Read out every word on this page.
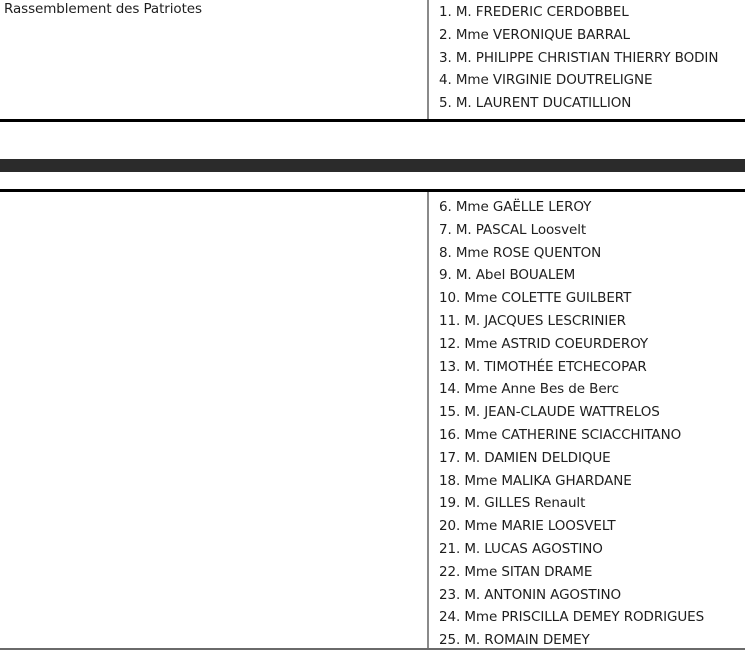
Rassemblement des Patriotes	1. M. FREDERIC CERDOBBEL
2. Mme VERONIQUE BARRAL
3. M. PHILIPPE CHRISTIAN THIERRY BODIN
4. Mme VIRGINIE DOUTRELIGNE
5. M. LAURENT DUCATILLION
6. Mme GAËLLE LEROY
7. M. PASCAL Loosvelt
8. Mme ROSE QUENTON
9. M. Abel BOUALEM
10. Mme COLETTE GUILBERT
11. M. JACQUES LESCRINIER
12. Mme ASTRID COEURDEROY
13. M. TIMOTHÉE ETCHECOPAR
14. Mme Anne Bes de Berc
15. M. JEAN-CLAUDE WATTRELOS
16. Mme CATHERINE SCIACCHITANO
17. M. DAMIEN DELDIQUE
18. Mme MALIKA GHARDANE
19. M. GILLES Renault
20. Mme MARIE LOOSVELT
21. M. LUCAS AGOSTINO
22. Mme SITAN DRAME
23. M. ANTONIN AGOSTINO
24. Mme PRISCILLA DEMEY RODRIGUES
25. M. ROMAIN DEMEY
